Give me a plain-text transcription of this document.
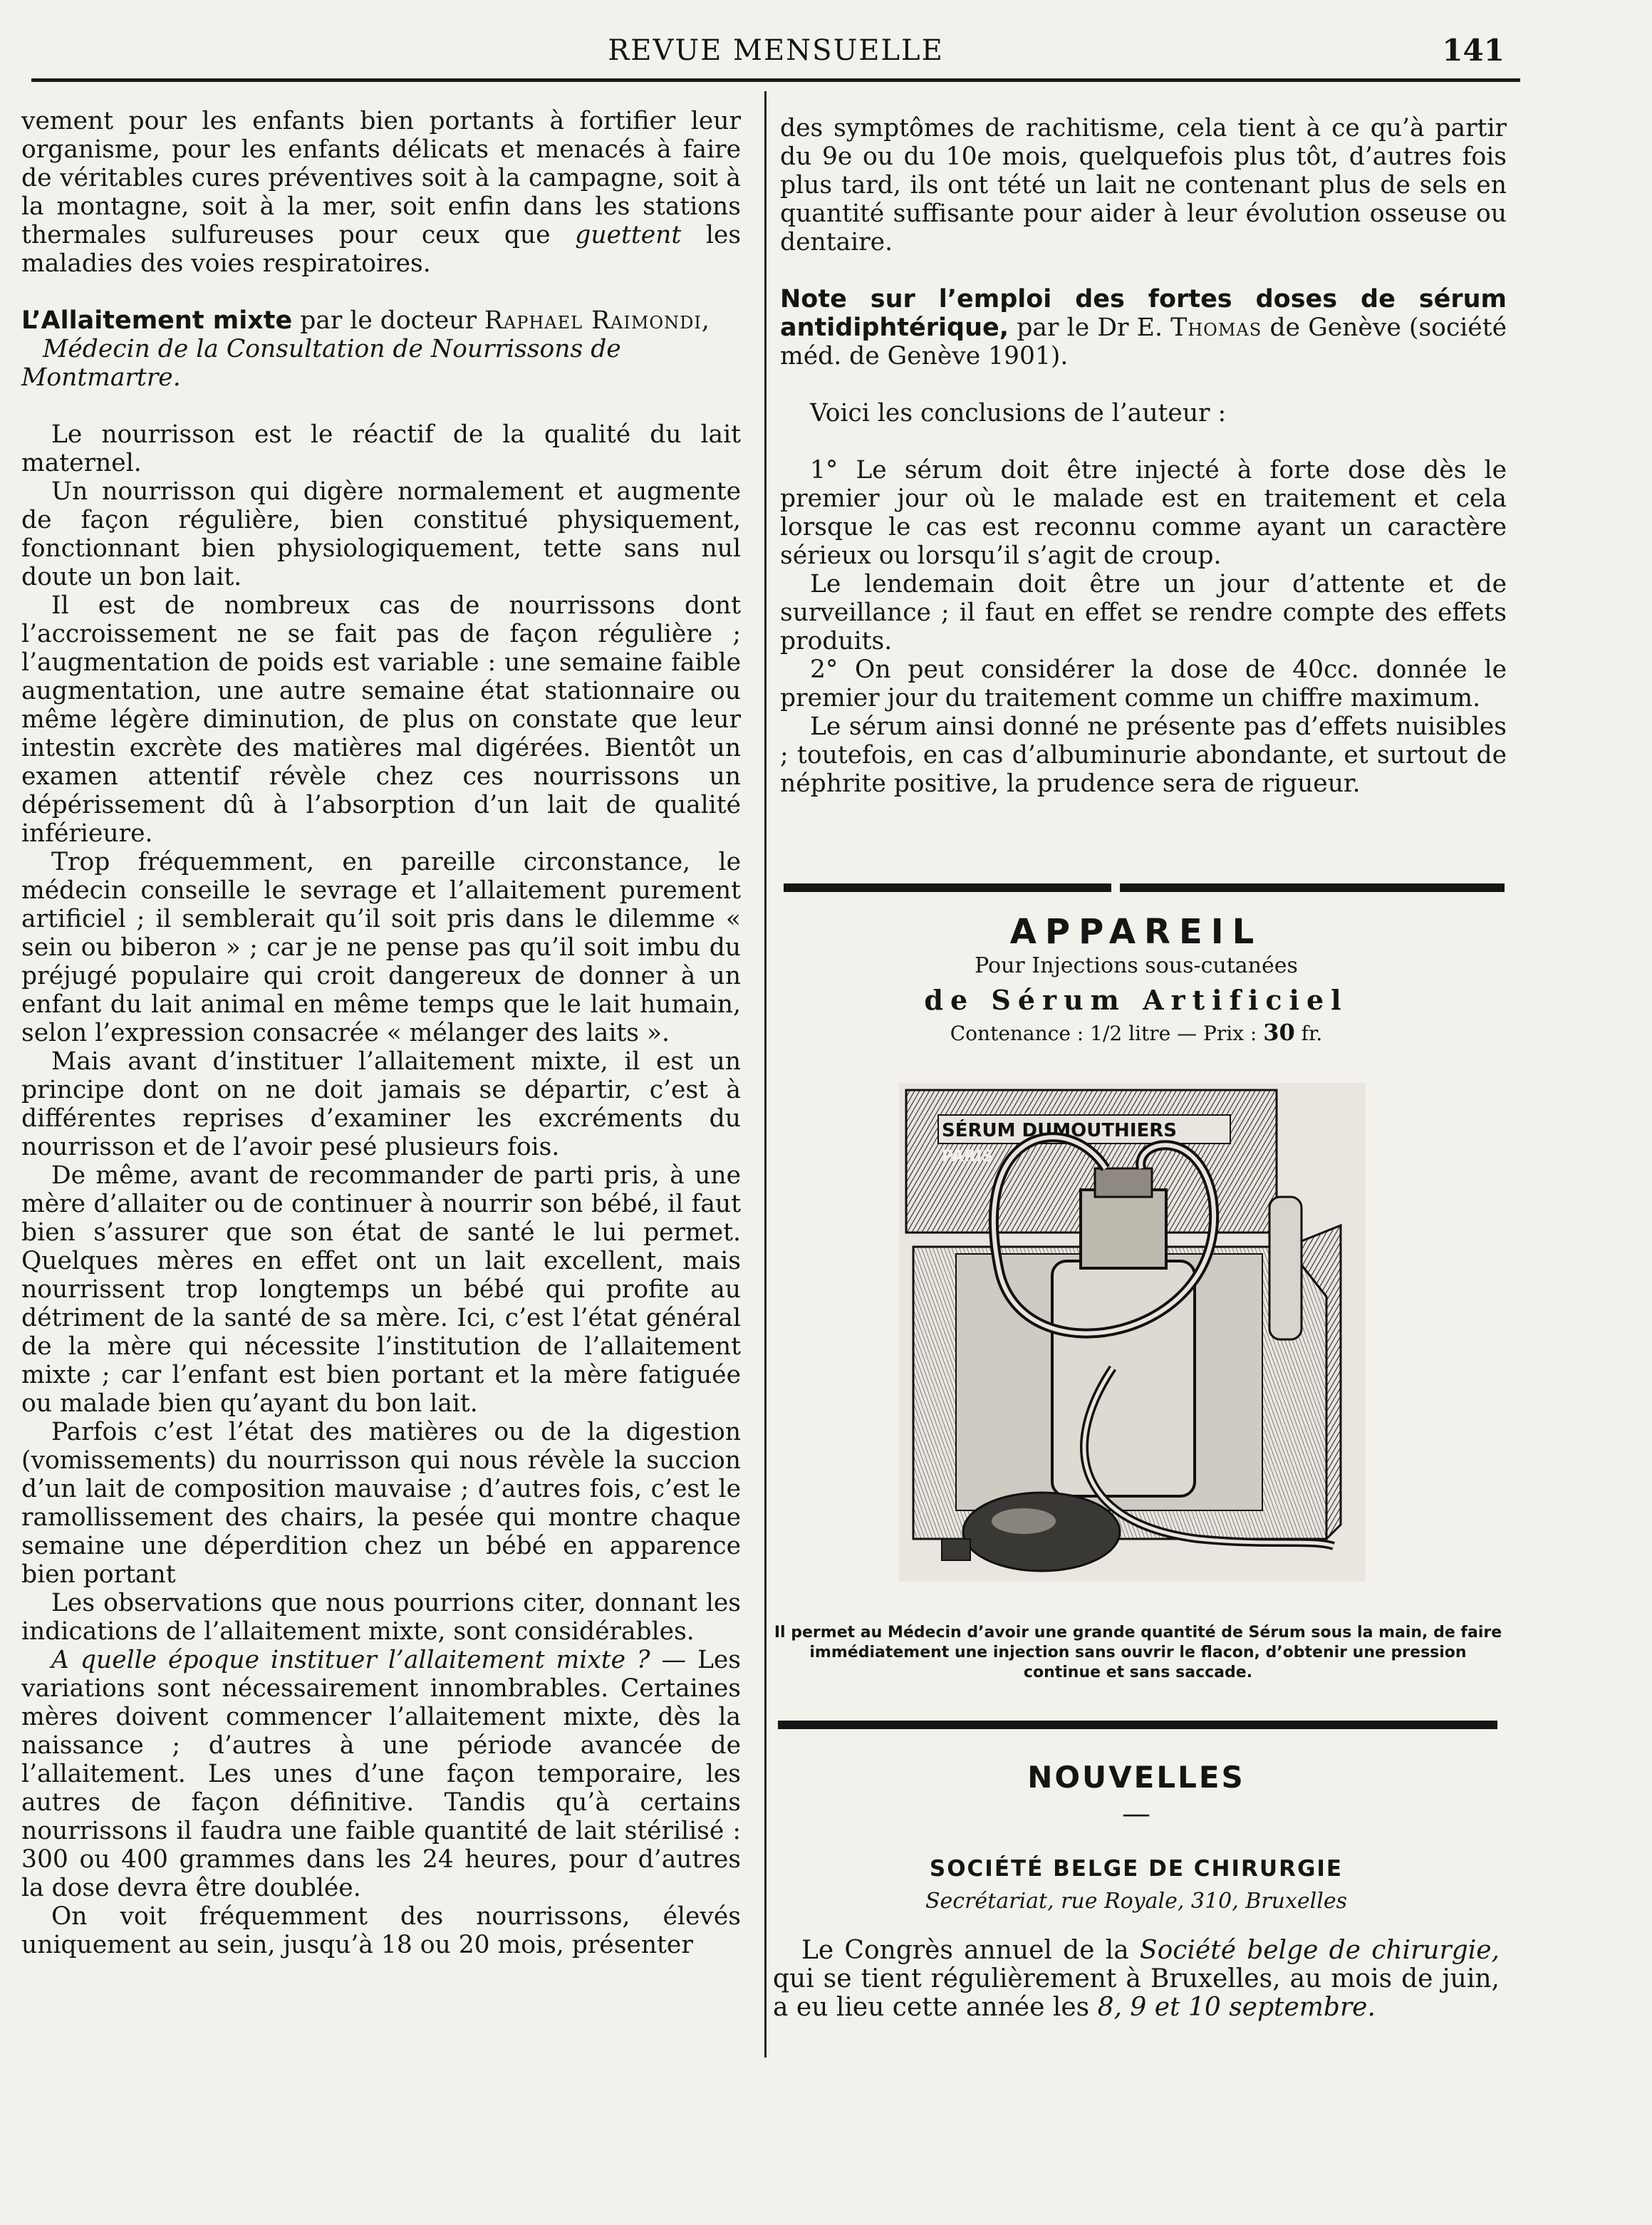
REVUE MENSUELLE	141

vement pour les enfants bien portants à fortifier leur organisme, pour les enfants délicats et menacés à faire de véritables cures préventives soit à la campagne, soit à la montagne, soit à la mer, soit enfin dans les stations thermales sulfureuses pour ceux que guettent les maladies des voies respiratoires.

L’Allaitement mixte par le docteur Raphael Raimondi,
Médecin de la Consultation de Nourrissons de Montmartre.

Le nourrisson est le réactif de la qualité du lait maternel.

Un nourrisson qui digère normalement et augmente de façon régulière, bien constitué physiquement, fonctionnant bien physiologiquement, tette sans nul doute un bon lait.

Il est de nombreux cas de nourrissons dont l’accroissement ne se fait pas de façon régulière ; l’augmentation de poids est variable : une semaine faible augmentation, une autre semaine état stationnaire ou même légère diminution, de plus on constate que leur intestin excrète des matières mal digérées. Bientôt un examen attentif révèle chez ces nourrissons un dépérissement dû à l’absorption d’un lait de qualité inférieure.

Trop fréquemment, en pareille circonstance, le médecin conseille le sevrage et l’allaitement purement artificiel ; il semblerait qu’il soit pris dans le dilemme « sein ou biberon » ; car je ne pense pas qu’il soit imbu du préjugé populaire qui croit dangereux de donner à un enfant du lait animal en même temps que le lait humain, selon l’expression consacrée « mélanger des laits ».

Mais avant d’instituer l’allaitement mixte, il est un principe dont on ne doit jamais se départir, c’est à différentes reprises d’examiner les excréments du nourrisson et de l’avoir pesé plusieurs fois.

De même, avant de recommander de parti pris, à une mère d’allaiter ou de continuer à nourrir son bébé, il faut bien s’assurer que son état de santé le lui permet. Quelques mères en effet ont un lait excellent, mais nourrissent trop longtemps un bébé qui profite au détriment de la santé de sa mère. Ici, c’est l’état général de la mère qui nécessite l’institution de l’allaitement mixte ; car l’enfant est bien portant et la mère fatiguée ou malade bien qu’ayant du bon lait.

Parfois c’est l’état des matières ou de la digestion (vomissements) du nourrisson qui nous révèle la succion d’un lait de composition mauvaise ; d’autres fois, c’est le ramollissement des chairs, la pesée qui montre chaque semaine une déperdition chez un bébé en apparence bien portant

Les observations que nous pourrions citer, donnant les indications de l’allaitement mixte, sont considérables.

A quelle époque instituer l’allaitement mixte ? — Les variations sont nécessairement innombrables. Certaines mères doivent commencer l’allaitement mixte, dès la naissance ; d’autres à une période avancée de l’allaitement. Les unes d’une façon temporaire, les autres de façon définitive. Tandis qu’à certains nourrissons il faudra une faible quantité de lait stérilisé : 300 ou 400 grammes dans les 24 heures, pour d’autres la dose devra être doublée.

On voit fréquemment des nourrissons, élevés uniquement au sein, jusqu’à 18 ou 20 mois, présenter

des symptômes de rachitisme, cela tient à ce qu’à partir du 9e ou du 10e mois, quelquefois plus tôt, d’autres fois plus tard, ils ont tété un lait ne contenant plus de sels en quantité suffisante pour aider à leur évolution osseuse ou dentaire.

Note sur l’emploi des fortes doses de sérum antidiphtérique, par le Dr E. Thomas de Genève (société méd. de Genève 1901).

Voici les conclusions de l’auteur :

1° Le sérum doit être injecté à forte dose dès le premier jour où le malade est en traitement et cela lorsque le cas est reconnu comme ayant un caractère sérieux ou lorsqu’il s’agit de croup.

Le lendemain doit être un jour d’attente et de surveillance ; il faut en effet se rendre compte des effets produits.

2° On peut considérer la dose de 40cc. donnée le premier jour du traitement comme un chiffre maximum.

Le sérum ainsi donné ne présente pas d’effets nuisibles ; toutefois, en cas d’albuminurie abondante, et surtout de néphrite positive, la prudence sera de rigueur.

APPAREIL
Pour Injections sous-cutanées
de Sérum Artificiel
Contenance : 1/2 litre — Prix : 30 fr.
SÉRUM DUMOUTHIERS
PARIS
Il permet au Médecin d’avoir une grande quantité de Sérum sous la main, de faire immédiatement une injection sans ouvrir le flacon, d’obtenir une pression continue et sans saccade.
NOUVELLES
—
SOCIÉTÉ BELGE DE CHIRURGIE
Secrétariat, rue Royale, 310, Bruxelles
Le Congrès annuel de la Société belge de chirurgie, qui se tient régulièrement à Bruxelles, au mois de juin, a eu lieu cette année les 8, 9 et 10 septembre.
